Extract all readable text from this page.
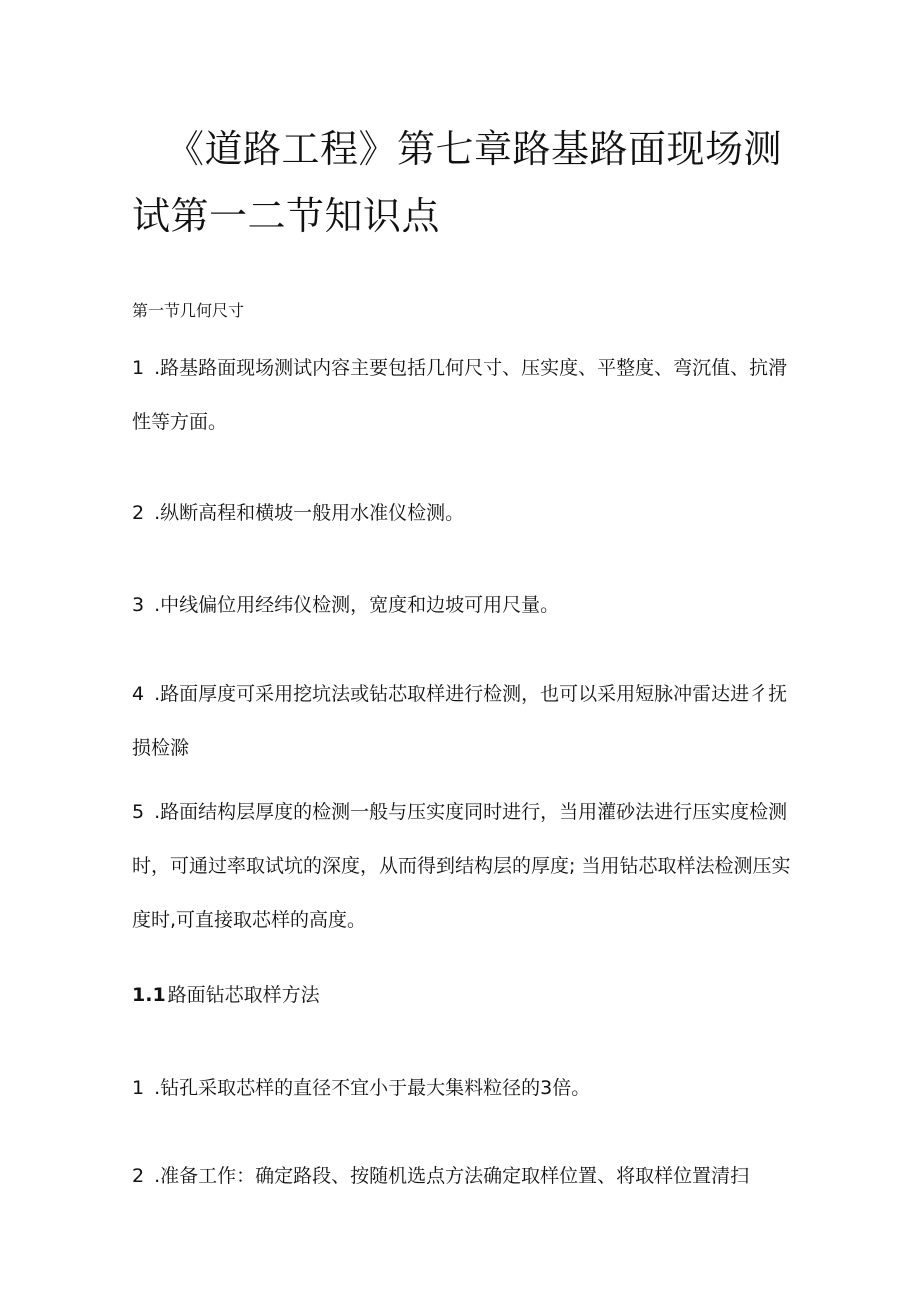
《道路工程》第七章路基路面现场测试第一二节知识点
第一节几何尺寸

1 .路基路面现场测试内容主要包括几何尺寸、压实度、平整度、弯沉值、抗滑性等方面。

2 .纵断高程和横坡一般用水准仪检测。

3 .中线偏位用经纬仪检测，宽度和边坡可用尺量。

4 .路面厚度可采用挖坑法或钻芯取样进行检测，也可以采用短脉冲雷达进彳抚损检滁

5 .路面结构层厚度的检测一般与压实度同时进行，当用灌砂法进行压实度检测时，可通过率取试坑的深度，从而得到结构层的厚度; 当用钻芯取样法检测压实度时,可直接取芯样的高度。

1.1 路面钻芯取样方法

1 .钻孔采取芯样的直径不宜小于最大集料粒径的3倍。

2 .准备工作：确定路段、按随机选点方法确定取样位置、将取样位置清扫
